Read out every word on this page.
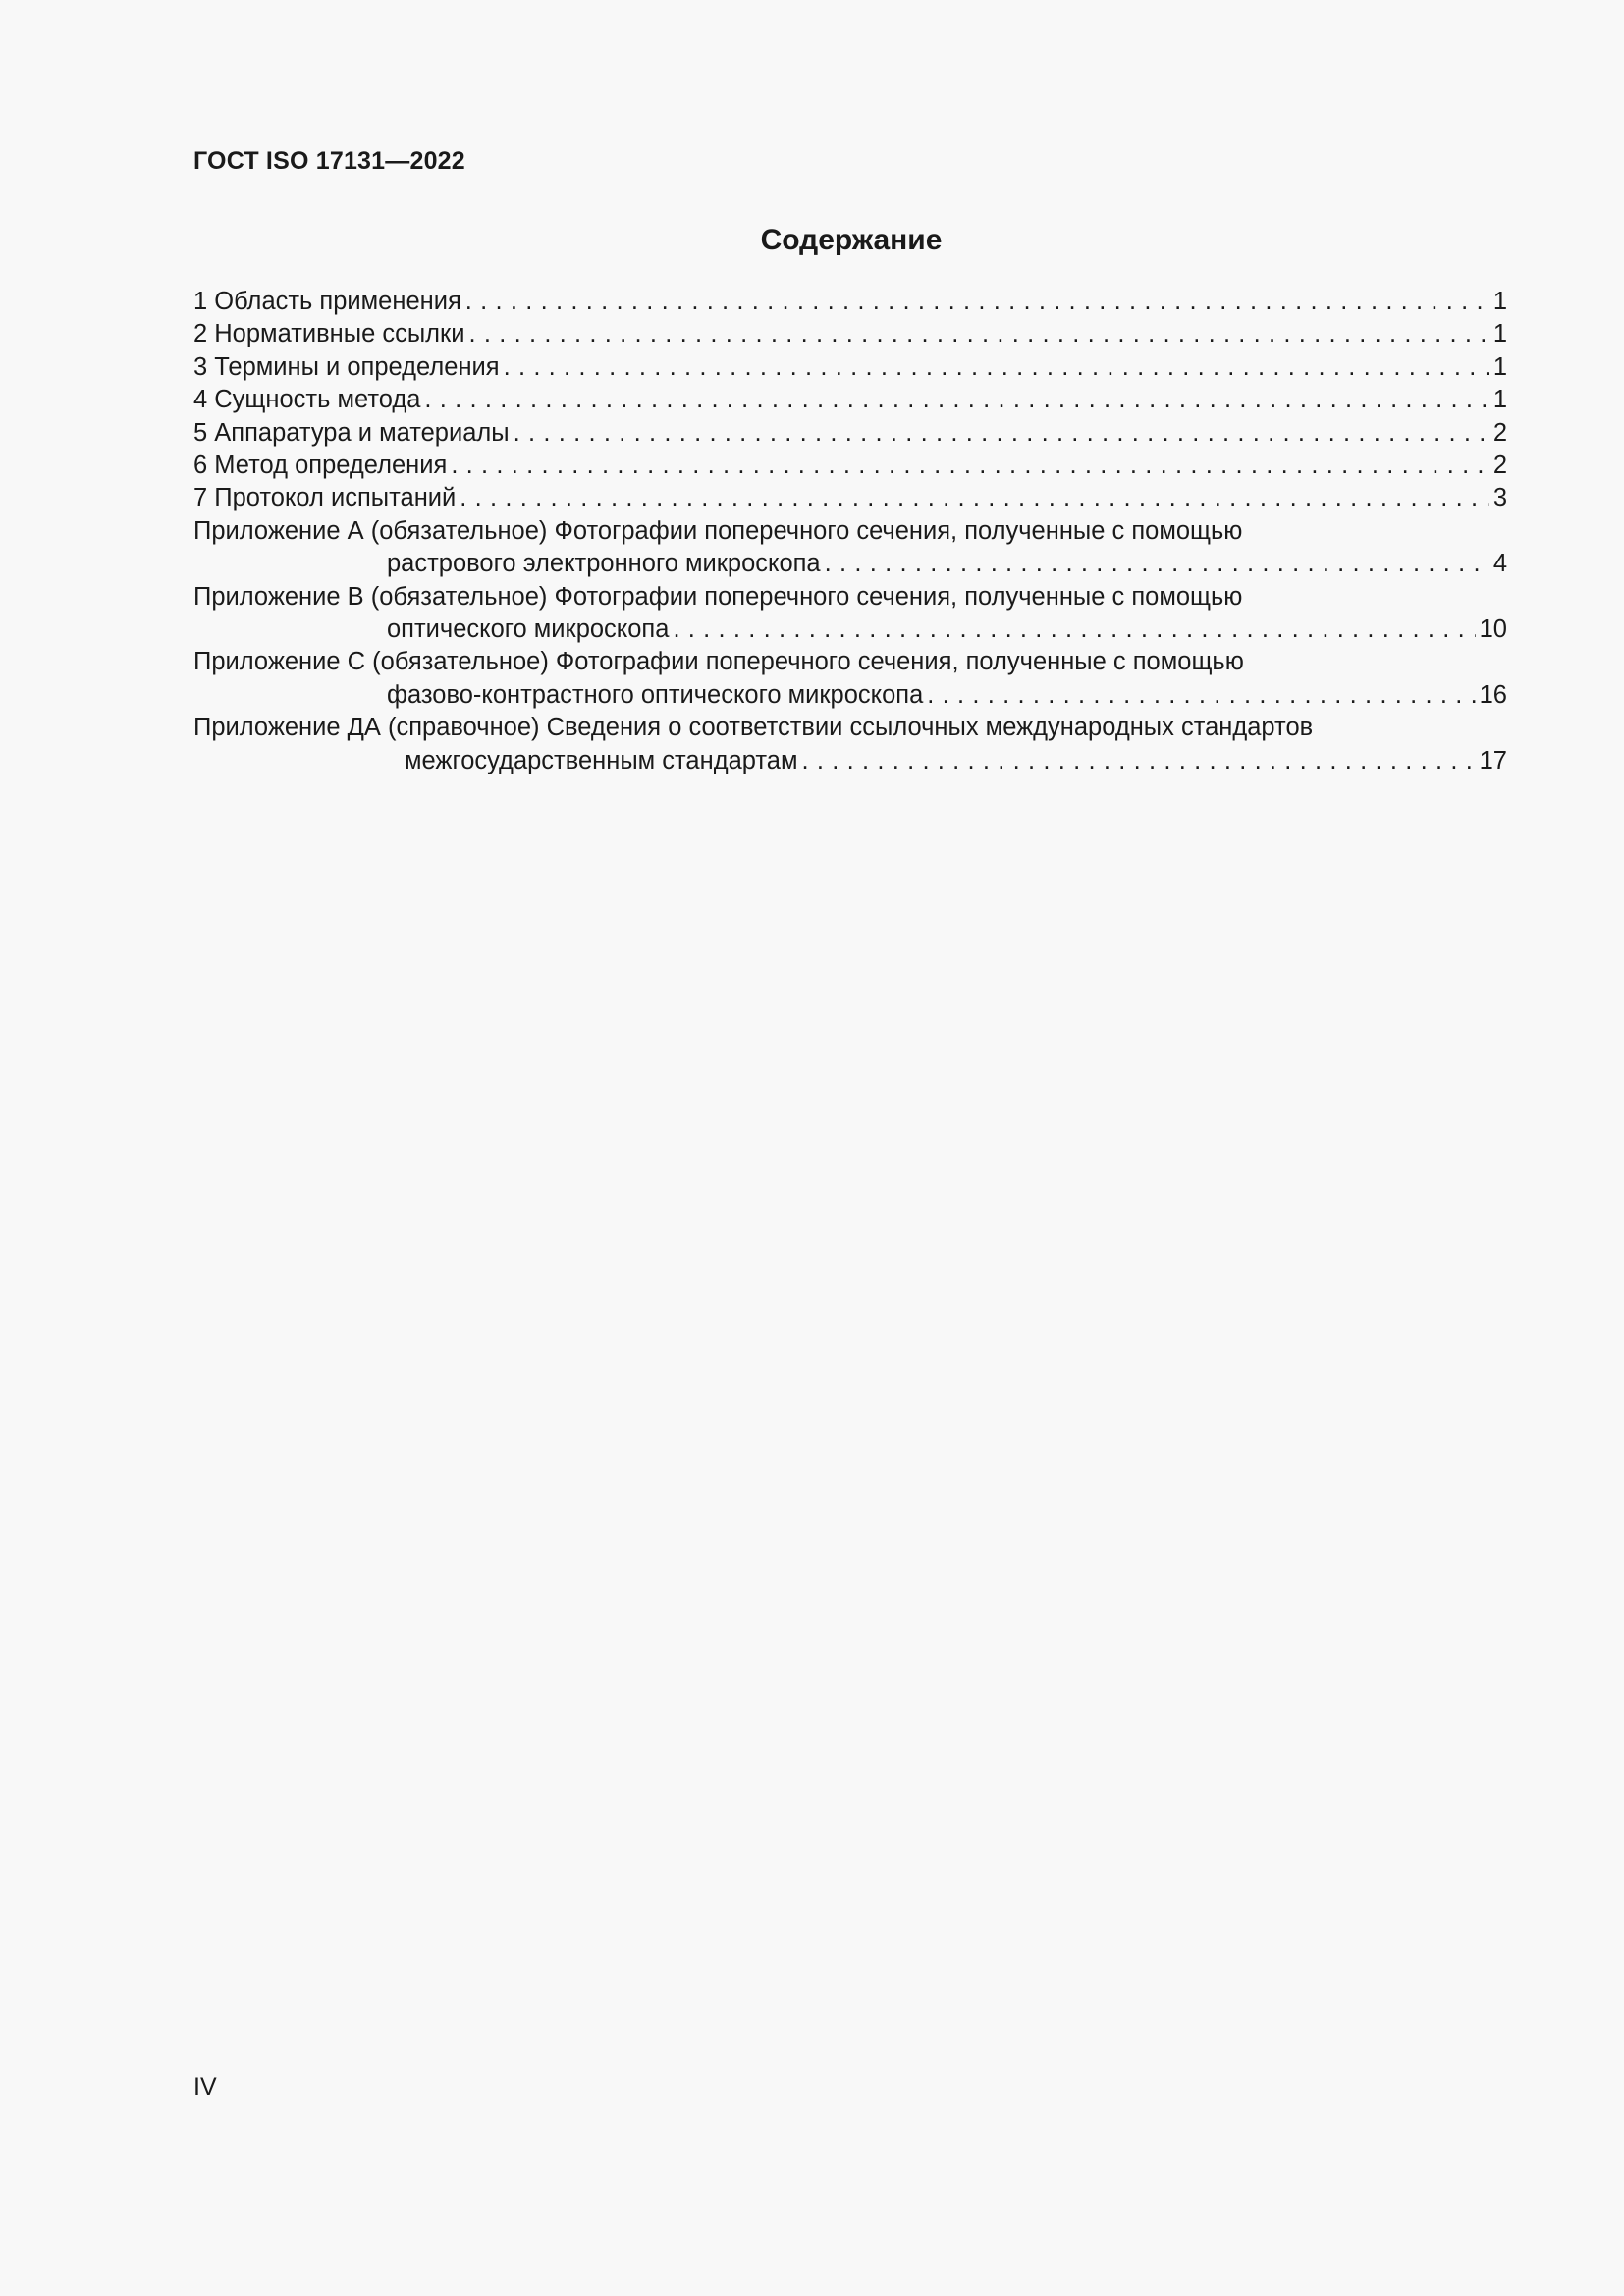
ГОСТ ISO 17131—2022
Содержание
1 Область применения . . .	1
2 Нормативные ссылки . . .	1
3 Термины и определения . . .	1
4 Сущность метода . . .	1
5 Аппаратура и материалы . . .	2
6 Метод определения . . .	2
7 Протокол испытаний . . .	3
Приложение А (обязательное) Фотографии поперечного сечения, полученные с помощью
растрового электронного микроскопа . . .	4
Приложение В (обязательное) Фотографии поперечного сечения, полученные с помощью
оптического микроскопа . . .	10
Приложение С (обязательное) Фотографии поперечного сечения, полученные с помощью
фазово-контрастного оптического микроскопа . . .	16
Приложение ДА (справочное) Сведения о соответствии ссылочных международных стандартов
межгосударственным стандартам . . .	17
IV
